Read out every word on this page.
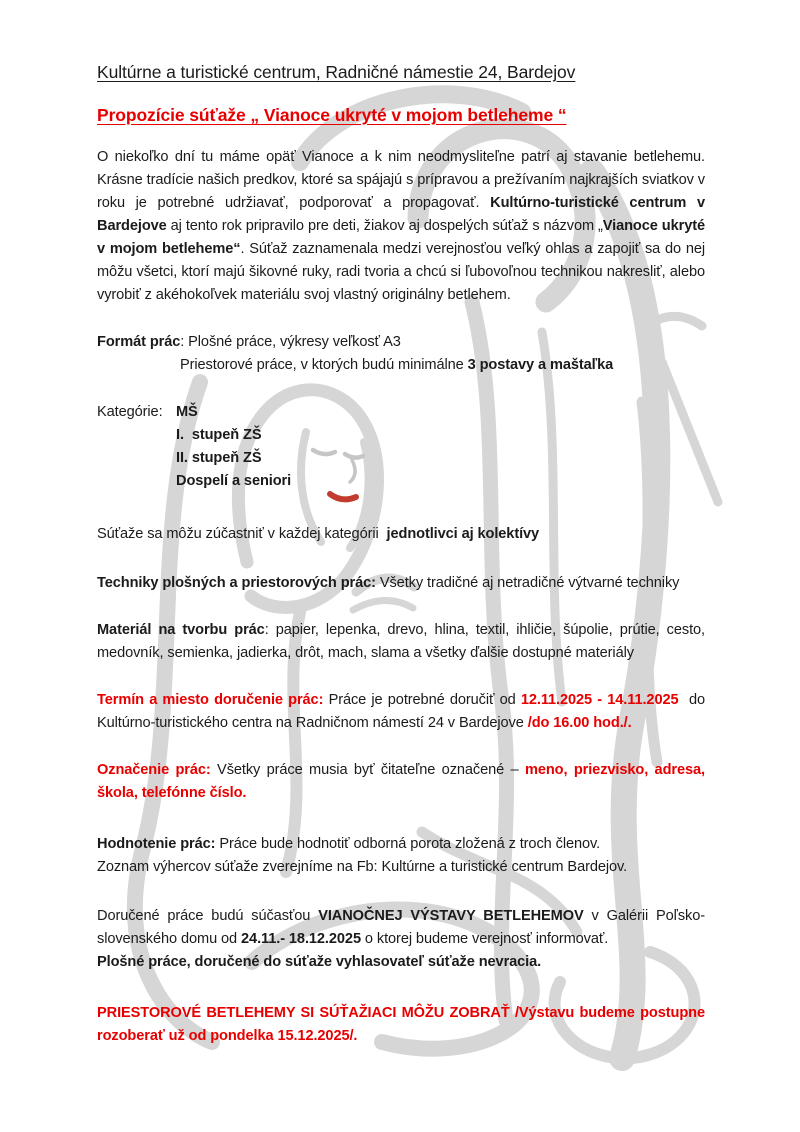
Kultúrne a turistické centrum, Radničné námestie 24, Bardejov
Propozície súťaže „ Vianoce ukryté v mojom betleheme “
O niekoľko dní tu máme opäť Vianoce a k nim neodmysliteľne patrí aj stavanie betlehemu. Krásne tradície našich predkov, ktoré sa spájajú s prípravou a prežívaním najkrajších sviatkov v roku je potrebné udržiavať, podporovať a propagovať. Kultúrno-turistické centrum v Bardejove aj tento rok pripravilo pre deti, žiakov aj dospelých súťaž s názvom „Vianoce ukryté v mojom betleheme“. Súťaž zaznamenala medzi verejnosťou veľký ohlas a zapojiť sa do nej môžu všetci, ktorí majú šikovné ruky, radi tvoria a chcú si ľubovoľnou technikou nakresliť, alebo vyrobiť z akéhokoľvek materiálu svoj vlastný originálny betlehem.
Formát prác: Plošné práce, výkresy veľkosť A3
Priestorové práce, v ktorých budú minimálne 3 postavy a maštaľka
Kategórie: MŠ
I.  stupeň ZŠ
II. stupeň ZŠ
Dospelí a seniori
Súťaže sa môžu zúčastniť v každej kategórii  jednotlivci aj kolektívy
Techniky plošných a priestorových prác: Všetky tradičné aj netradičné výtvarné techniky
Materiál na tvorbu prác: papier, lepenka, drevo, hlina, textil, ihličie, šúpolie, prútie, cesto, medovník, semienka, jadierka, drôt, mach, slama a všetky ďalšie dostupné materiály
Termín a miesto doručenie prác: Práce je potrebné doručiť od 12.11.2025 - 14.11.2025  do Kultúrno-turistického centra na Radničnom námestí 24 v Bardejove /do 16.00 hod./.
Označenie prác: Všetky práce musia byť čitateľne označené – meno, priezvisko, adresa, škola, telefónne číslo.
Hodnotenie prác: Práce bude hodnotiť odborná porota zložená z troch členov.
Zoznam výhercov súťaže zverejníme na Fb: Kultúrne a turistické centrum Bardejov.
Doručené práce budú súčasťou VIANOČNEJ VÝSTAVY BETLEHEMOV v Galérii Poľsko-slovenského domu od 24.11.- 18.12.2025 o ktorej budeme verejnosť informovať.
Plošné práce, doručené do súťaže vyhlasovateľ súťaže nevracia.
PRIESTOROVÉ BETLEHEMY SI SÚŤAŽIACI MÔŽU ZOBRAŤ /Výstavu budeme postupne rozoberať už od pondelka 15.12.2025/.
